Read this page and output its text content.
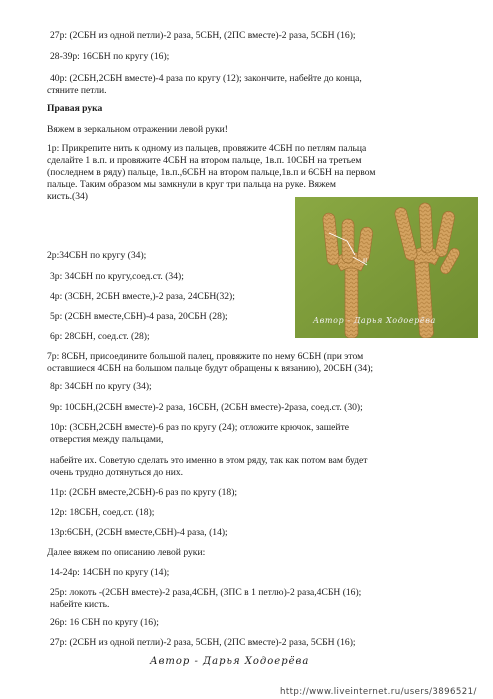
27р: (2СБН из одной петли)-2 раза, 5СБН, (2ПС вместе)-2 раза, 5СБН (16);
28-39р: 16СБН по кругу (16);
40р: (2СБН,2СБН вместе)-4 раза по кругу (12); закончите, набейте до конца,
стяните петли.
Правая рука
Вяжем в зеркальном отражении левой руки!
1р: Прикрепите нить к одному из пальцев, провяжите 4СБН по петлям пальца
сделайте 1 в.п. и провяжите 4СБН на втором пальце, 1в.п. 10СБН на третьем
(последнем в ряду) пальце, 1в.п.,6СБН на втором пальце,1в.п и 6СБН на первом
пальце. Таким образом мы замкнули в круг три пальца на руке. Вяжем
кисть.(34)
2р:34СБН по кругу (34);
3р: 34СБН по кругу,соед.ст. (34);
4р: (3СБН, 2СБН вместе,)-2 раза, 24СБН(32);
5р: (2СБН вместе,СБН)-4 раза, 20СБН (28);
6р: 28СБН, соед.ст. (28);
7р: 8СБН, присоедините большой палец, провяжите по нему 6СБН (при этом
оставшиеся 4СБН на большом пальце будут обращены к вязанию), 20СБН (34);
8р: 34СБН по кругу (34);
9р: 10СБН,(2СБН вместе)-2 раза, 16СБН, (2СБН вместе)-2раза, соед.ст. (30);
10р: (3СБН,2СБН вместе)-6 раз по кругу (24); отложите крючок, зашейте
отверстия между пальцами,
набейте их. Советую сделать это именно в этом ряду, так как потом вам будет
очень трудно дотянуться до них.
11р: (2СБН вместе,2СБН)-6 раз по кругу (18);
12р: 18СБН, соед.ст. (18);
13р:6СБН, (2СБН вместе,СБН)-4 раза, (14);
Далее вяжем по описанию левой руки:
14-24р: 14СБН по кругу (14);
25р: локоть -(2СБН вместе)-2 раза,4СБН, (3ПС в 1 петлю)-2 раза,4СБН (16);
набейте кисть.
26р: 16 СБН по кругу (16);
27р: (2СБН из одной петли)-2 раза, 5СБН, (2ПС вместе)-2 раза, 5СБН (16);
II
Автор - Дарья Ходоерёва
Автор - Дарья Ходоерёва
http://www.liveinternet.ru/users/3896521/
